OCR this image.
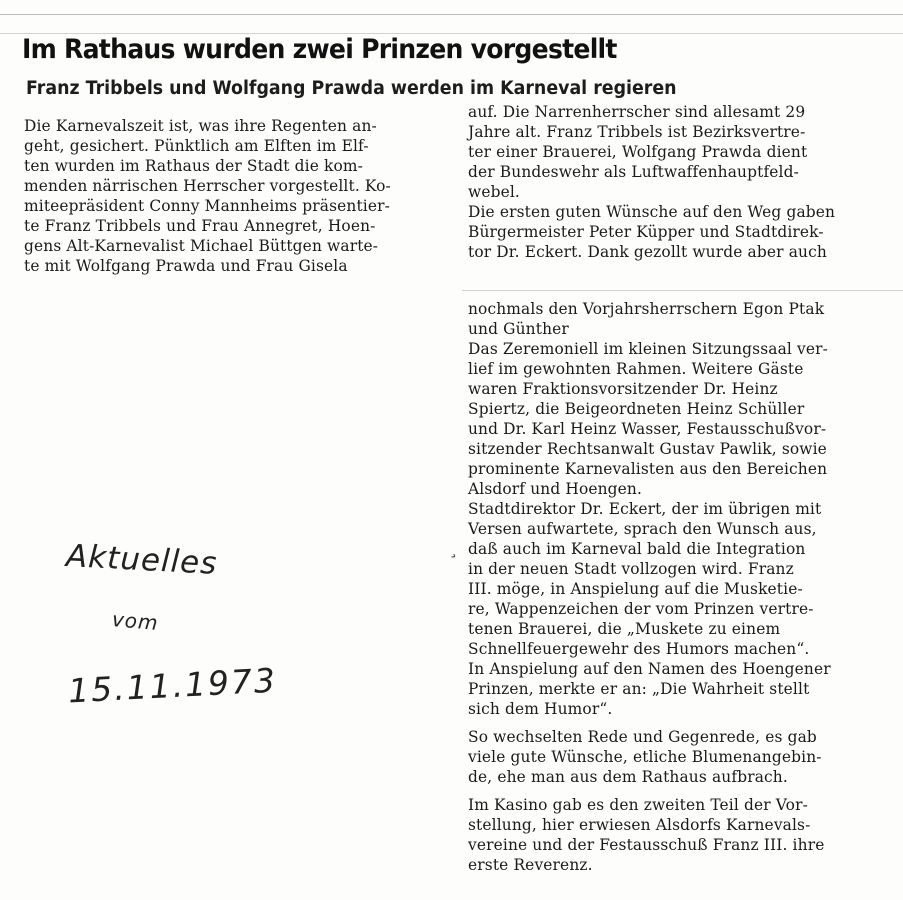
Im Rathaus wurden zwei Prinzen vorgestellt
Franz Tribbels und Wolfgang Prawda werden im Karneval regieren
Die Karnevalszeit ist, was ihre Regenten an-
geht, gesichert. Pünktlich am Elften im Elf-
ten wurden im Rathaus der Stadt die kom-
menden närrischen Herrscher vorgestellt. Ko-
miteepräsident Conny Mannheims präsentier-
te Franz Tribbels und Frau Annegret, Hoen-
gens Alt-Karnevalist Michael Büttgen warte-
te mit Wolfgang Prawda und Frau Gisela
auf. Die Narrenherrscher sind allesamt 29
Jahre alt. Franz Tribbels ist Bezirksvertre-
ter einer Brauerei, Wolfgang Prawda dient
der Bundeswehr als Luftwaffenhauptfeld-
webel.
Die ersten guten Wünsche auf den Weg gaben
Bürgermeister Peter Küpper und Stadtdirek-
tor Dr. Eckert. Dank gezollt wurde aber auch
nochmals den Vorjahrsherrschern Egon Ptak
und Günther
Das Zeremoniell im kleinen Sitzungssaal ver-
lief im gewohnten Rahmen. Weitere Gäste
waren Fraktionsvorsitzender Dr. Heinz
Spiertz, die Beigeordneten Heinz Schüller
und Dr. Karl Heinz Wasser, Festausschußvor-
sitzender Rechtsanwalt Gustav Pawlik, sowie
prominente Karnevalisten aus den Bereichen
Alsdorf und Hoengen.
Stadtdirektor Dr. Eckert, der im übrigen mit
Versen aufwartete, sprach den Wunsch aus,
daß auch im Karneval bald die Integration
in der neuen Stadt vollzogen wird. Franz
III. möge, in Anspielung auf die Musketie-
re, Wappenzeichen der vom Prinzen vertre-
tenen Brauerei, die „Muskete zu einem
Schnellfeuergewehr des Humors machen“.
In Anspielung auf den Namen des Hoengener
Prinzen, merkte er an: „Die Wahrheit stellt
sich dem Humor“.
So wechselten Rede und Gegenrede, es gab
viele gute Wünsche, etliche Blumenangebin-
de, ehe man aus dem Rathaus aufbrach.
Im Kasino gab es den zweiten Teil der Vor-
stellung, hier erwiesen Alsdorfs Karnevals-
vereine und der Festausschuß Franz III. ihre
erste Reverenz.
¸
Aktuelles
vom
15.11.1973
